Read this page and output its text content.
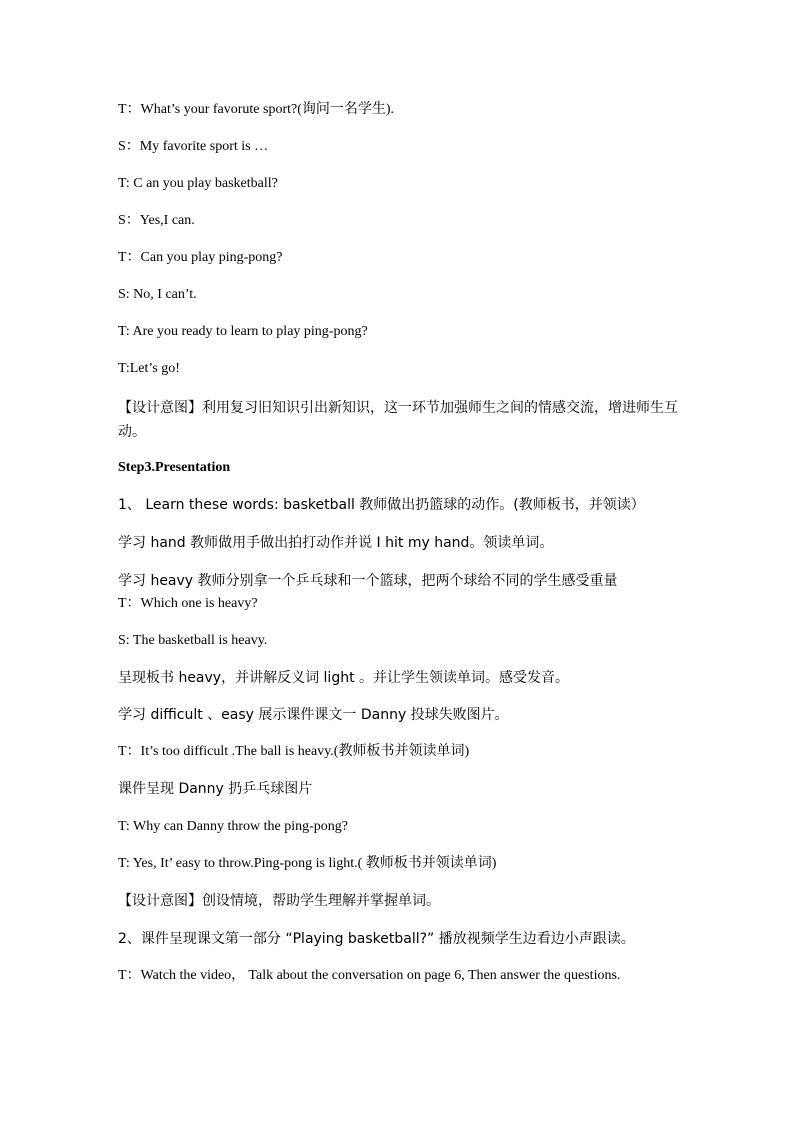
T：What’s your favorute sport?(询问一名学生).
S：My favorite sport is …
T: C an you play basketball?
S：Yes,I can.
T：Can you play ping-pong?
S: No, I can’t.
T: Are you ready to learn to play ping-pong?
T:Let’s go!
【设计意图】利用复习旧知识引出新知识，这一环节加强师生之间的情感交流，增进师生互动。
Step3.Presentation
1、 Learn these words: basketball 教师做出扔篮球的动作。(教师板书，并领读）
学习 hand 教师做用手做出拍打动作并说 I hit my hand。领读单词。
学习 heavy 教师分别拿一个乒乓球和一个篮球，把两个球给不同的学生感受重量
T：Which one is heavy?
S: The basketball is heavy.
呈现板书 heavy，并讲解反义词 light 。并让学生领读单词。感受发音。
学习 difficult 、easy 展示课件课文一 Danny 投球失败图片。
T：It’s too difficult .The ball is heavy.(教师板书并领读单词)
课件呈现 Danny 扔乒乓球图片
T: Why can Danny throw the ping-pong?
T: Yes, It’ easy to throw.Ping-pong is light.( 教师板书并领读单词)
【设计意图】创设情境，帮助学生理解并掌握单词。
2、课件呈现课文第一部分 “Playing basketball?” 播放视频学生边看边小声跟读。
T：Watch the video， Talk about the conversation on page 6, Then answer the questions.
